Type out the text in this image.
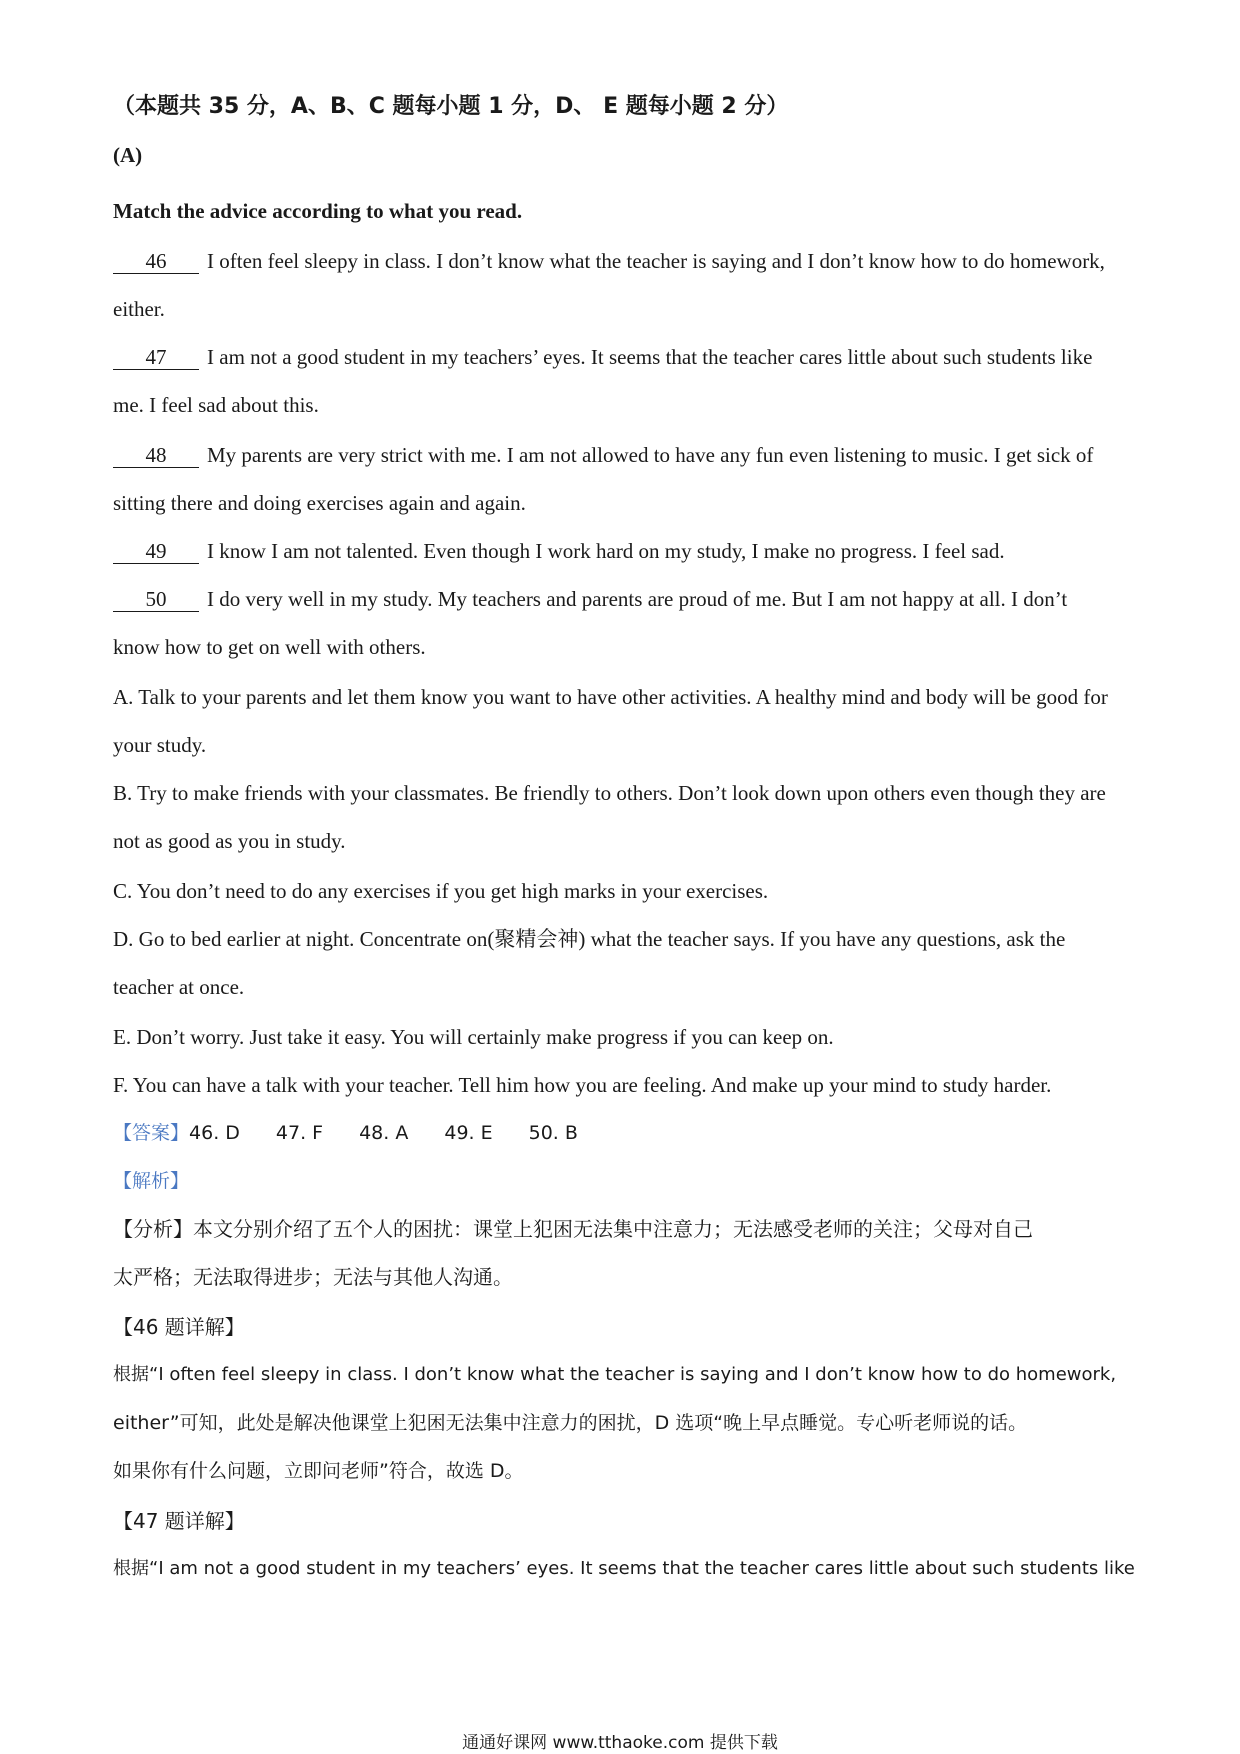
（本题共 35 分，A、B、C 题每小题 1 分，D、 E 题每小题 2 分）
(A)
Match the advice according to what you read.
46 I often feel sleepy in class. I don’t know what the teacher is saying and I don’t know how to do homework,
either.
47 I am not a good student in my teachers’ eyes. It seems that the teacher cares little about such students like
me. I feel sad about this.
48 My parents are very strict with me. I am not allowed to have any fun even listening to music. I get sick of
sitting there and doing exercises again and again.
49 I know I am not talented. Even though I work hard on my study, I make no progress. I feel sad.
50 I do very well in my study. My teachers and parents are proud of me. But I am not happy at all. I don’t
know how to get on well with others.
A. Talk to your parents and let them know you want to have other activities. A healthy mind and body will be good for
your study.
B. Try to make friends with your classmates. Be friendly to others. Don’t look down upon others even though they are
not as good as you in study.
C. You don’t need to do any exercises if you get high marks in your exercises.
D. Go to bed earlier at night. Concentrate on(聚精会神) what the teacher says. If you have any questions, ask the
teacher at once.
E. Don’t worry. Just take it easy. You will certainly make progress if you can keep on.
F. You can have a talk with your teacher. Tell him how you are feeling. And make up your mind to study harder.
【答案】46. D 47. F 48. A 49. E 50. B
【解析】
【分析】本文分别介绍了五个人的困扰：课堂上犯困无法集中注意力；无法感受老师的关注；父母对自己
太严格；无法取得进步；无法与其他人沟通。
【46 题详解】
根据“I often feel sleepy in class. I don’t know what the teacher is saying and I don’t know how to do homework,
either”可知，此处是解决他课堂上犯困无法集中注意力的困扰，D 选项“晚上早点睡觉。专心听老师说的话。
如果你有什么问题，立即问老师”符合，故选 D。
【47 题详解】
根据“I am not a good student in my teachers’ eyes. It seems that the teacher cares little about such students like
通通好课网 www.tthaoke.com 提供下载
